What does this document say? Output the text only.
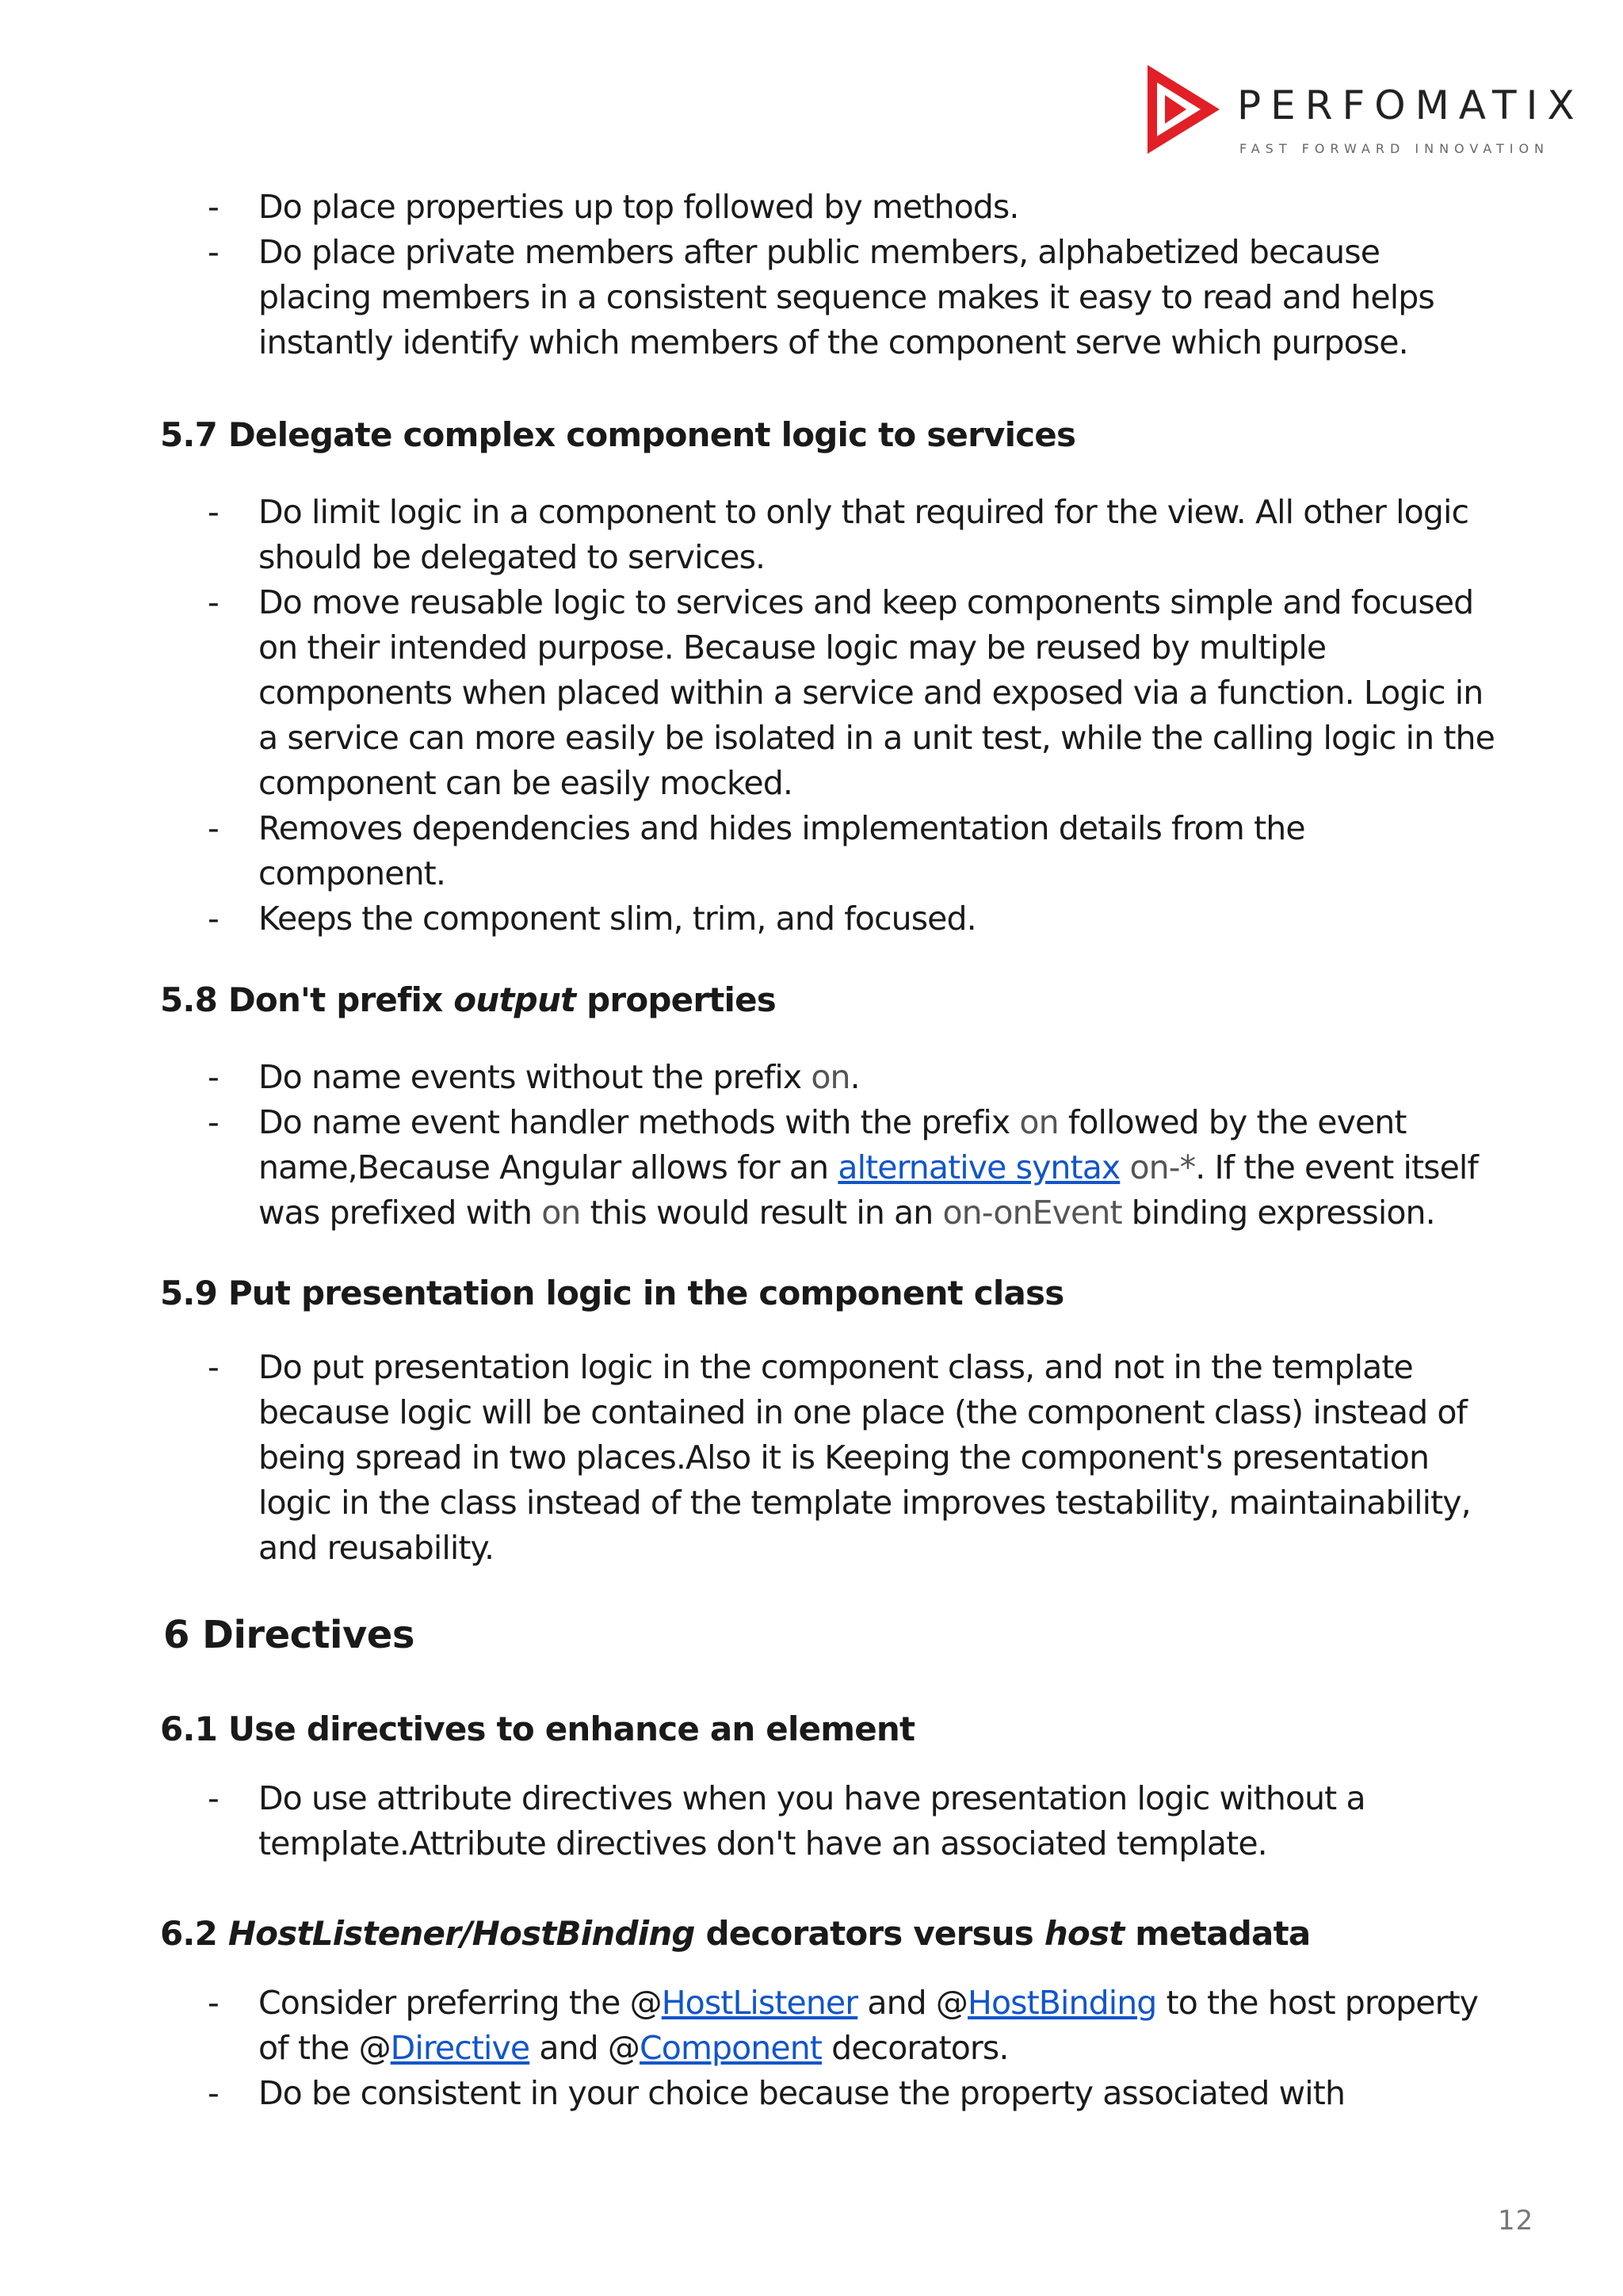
PERFOMATIX
FAST FORWARD INNOVATION
- Do place properties up top followed by methods.
- Do place private members after public members, alphabetized because placing members in a consistent sequence makes it easy to read and helps instantly identify which members of the component serve which purpose.
5.7 Delegate complex component logic to services
- Do limit logic in a component to only that required for the view. All other logic should be delegated to services.
- Do move reusable logic to services and keep components simple and focused on their intended purpose. Because logic may be reused by multiple components when placed within a service and exposed via a function. Logic in a service can more easily be isolated in a unit test, while the calling logic in the component can be easily mocked.
- Removes dependencies and hides implementation details from the component.
- Keeps the component slim, trim, and focused.
5.8 Don't prefix output properties
- Do name events without the prefix on.
- Do name event handler methods with the prefix on followed by the event name,Because Angular allows for an alternative syntax on-*. If the event itself was prefixed with on this would result in an on-onEvent binding expression.
5.9 Put presentation logic in the component class
- Do put presentation logic in the component class, and not in the template because logic will be contained in one place (the component class) instead of being spread in two places.Also it is Keeping the component's presentation logic in the class instead of the template improves testability, maintainability, and reusability.
6 Directives
6.1 Use directives to enhance an element
- Do use attribute directives when you have presentation logic without a template.Attribute directives don't have an associated template.
6.2 HostListener/HostBinding decorators versus host metadata
- Consider preferring the @HostListener and @HostBinding to the host property of the @Directive and @Component decorators.
- Do be consistent in your choice because the property associated with
12
